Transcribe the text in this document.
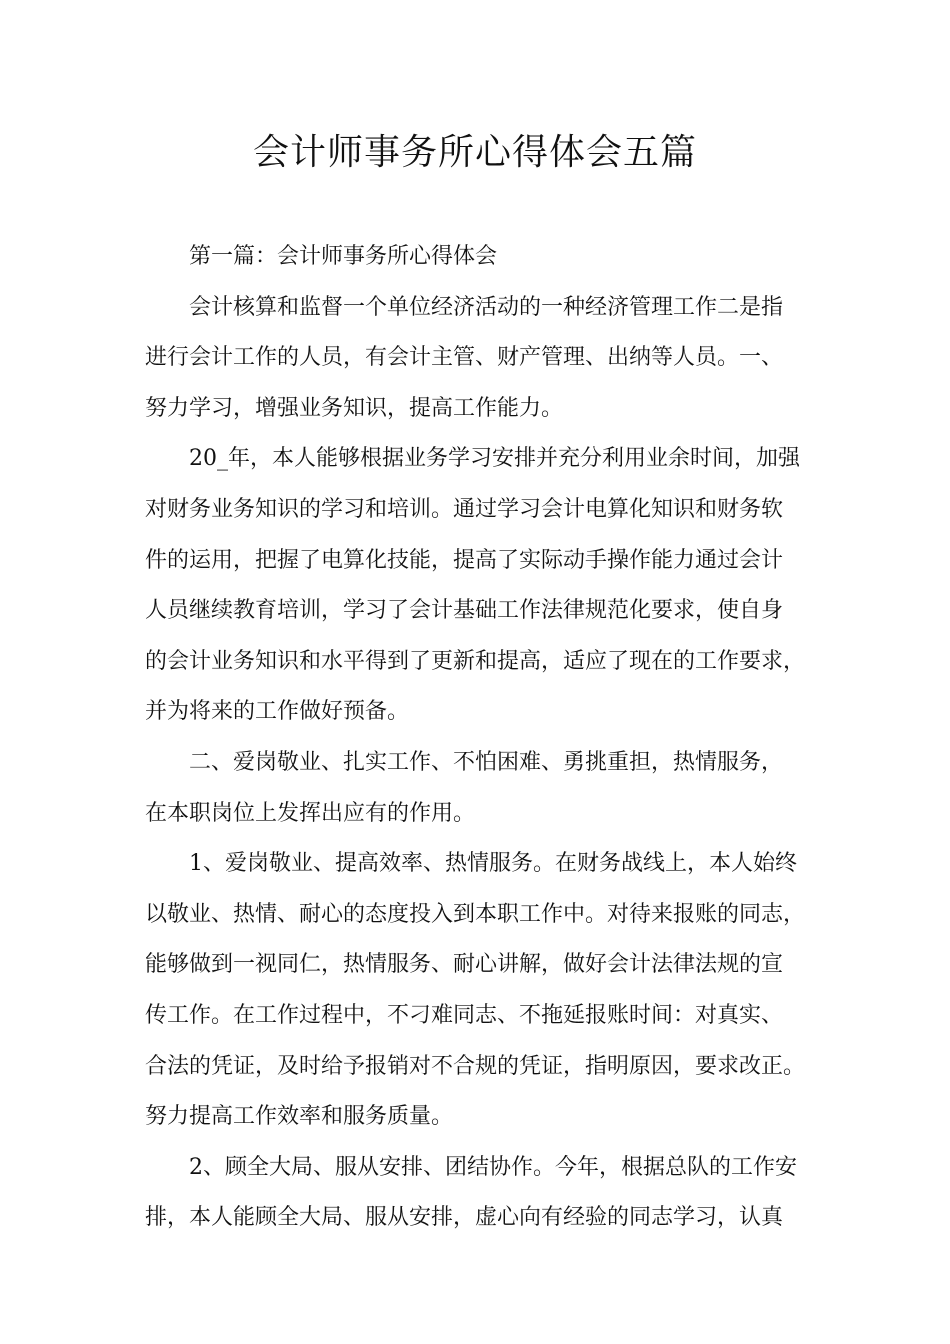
会计师事务所心得体会五篇
第一篇：会计师事务所心得体会
会计核算和监督一个单位经济活动的一种经济管理工作二是指
进行会计工作的人员，有会计主管、财产管理、出纳等人员。一、
努力学习，增强业务知识，提高工作能力。
20_年，本人能够根据业务学习安排并充分利用业余时间，加强
对财务业务知识的学习和培训。通过学习会计电算化知识和财务软
件的运用，把握了电算化技能，提高了实际动手操作能力通过会计
人员继续教育培训，学习了会计基础工作法律规范化要求，使自身
的会计业务知识和水平得到了更新和提高，适应了现在的工作要求，
并为将来的工作做好预备。
二、爱岗敬业、扎实工作、不怕困难、勇挑重担，热情服务，
在本职岗位上发挥出应有的作用。
1、爱岗敬业、提高效率、热情服务。在财务战线上，本人始终
以敬业、热情、耐心的态度投入到本职工作中。对待来报账的同志，
能够做到一视同仁，热情服务、耐心讲解，做好会计法律法规的宣
传工作。在工作过程中，不刁难同志、不拖延报账时间：对真实、
合法的凭证，及时给予报销对不合规的凭证，指明原因，要求改正。
努力提高工作效率和服务质量。
2、顾全大局、服从安排、团结协作。今年，根据总队的工作安
排，本人能顾全大局、服从安排，虚心向有经验的同志学习，认真
